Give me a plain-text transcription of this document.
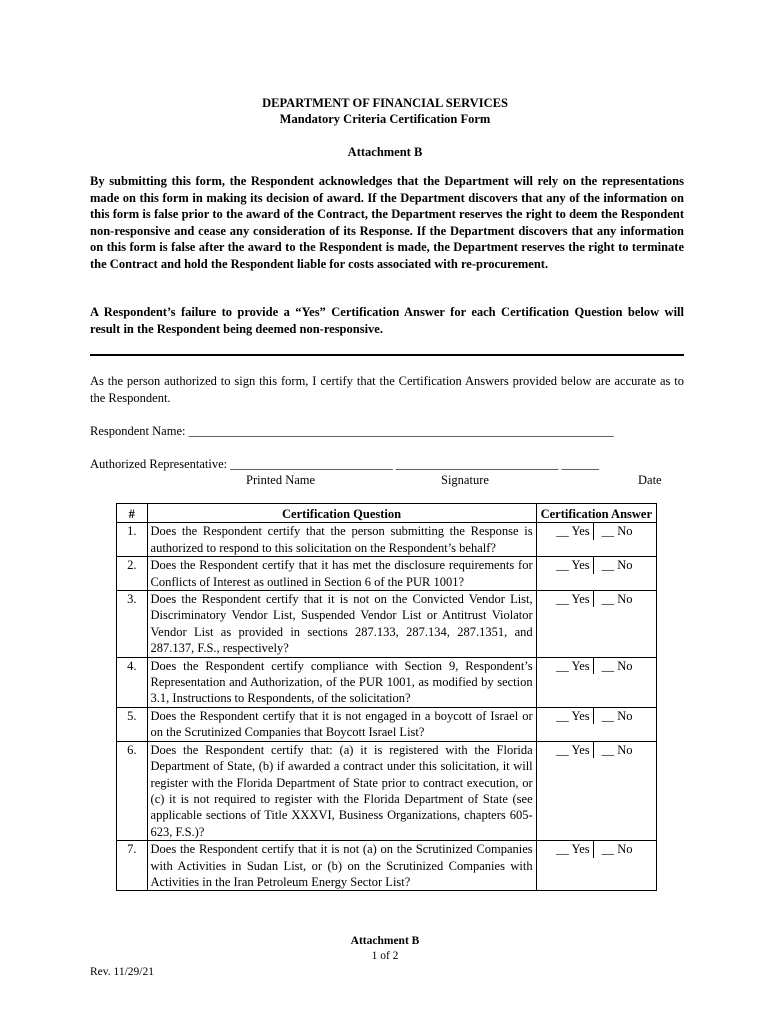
DEPARTMENT OF FINANCIAL SERVICES
Mandatory Criteria Certification Form
Attachment B
By submitting this form, the Respondent acknowledges that the Department will rely on the representations made on this form in making its decision of award. If the Department discovers that any of the information on this form is false prior to the award of the Contract, the Department reserves the right to deem the Respondent non-responsive and cease any consideration of its Response. If the Department discovers that any information on this form is false after the award to the Respondent is made, the Department reserves the right to terminate the Contract and hold the Respondent liable for costs associated with re-procurement.
A Respondent’s failure to provide a “Yes” Certification Answer for each Certification Question below will result in the Respondent being deemed non-responsive.
As the person authorized to sign this form, I certify that the Certification Answers provided below are accurate as to the Respondent.
Respondent Name: ____________________________________________________________________
Authorized Representative: __________________________ __________________________ ______
Printed Name	Signature	Date
#	Certification Question	Certification Answer
1.	Does the Respondent certify that the person submitting the Response is authorized to respond to this solicitation on the Respondent’s behalf?	__ Yes __ No

2.	Does the Respondent certify that it has met the disclosure requirements for Conflicts of Interest as outlined in Section 6 of the PUR 1001?	__ Yes __ No

3.	Does the Respondent certify that it is not on the Convicted Vendor List, Discriminatory Vendor List, Suspended Vendor List or Antitrust Violator Vendor List as provided in sections 287.133, 287.134, 287.1351, and 287.137, F.S., respectively?	__ Yes __ No

4.	Does the Respondent certify compliance with Section 9, Respondent’s Representation and Authorization, of the PUR 1001, as modified by section 3.1, Instructions to Respondents, of the solicitation?	__ Yes __ No

5.	Does the Respondent certify that it is not engaged in a boycott of Israel or on the Scrutinized Companies that Boycott Israel List?	__ Yes __ No

6.	Does the Respondent certify that: (a) it is registered with the Florida Department of State, (b) if awarded a contract under this solicitation, it will register with the Florida Department of State prior to contract execution, or (c) it is not required to register with the Florida Department of State (see applicable sections of Title XXXVI, Business Organizations, chapters 605-623, F.S.)?	__ Yes __ No

7.	Does the Respondent certify that it is not (a) on the Scrutinized Companies with Activities in Sudan List, or (b) on the Scrutinized Companies with Activities in the Iran Petroleum Energy Sector List?	__ Yes __ No
Attachment B
1 of 2
Rev. 11/29/21
